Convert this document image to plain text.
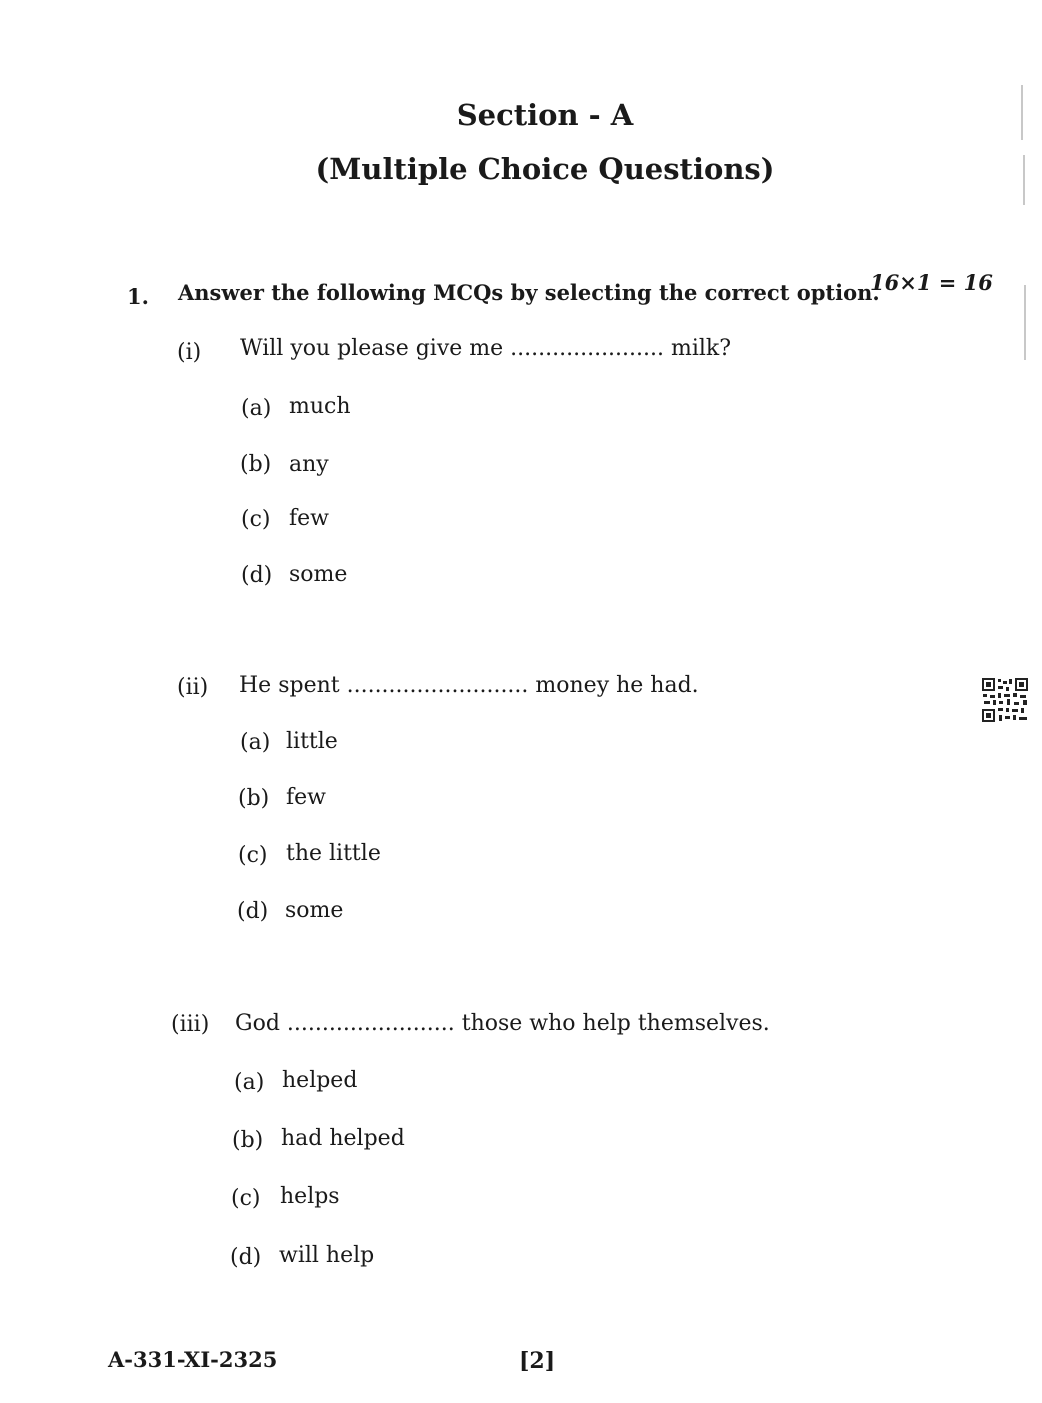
Section - A
(Multiple Choice Questions)
1. Answer the following MCQs by selecting the correct option.
16×1 = 16
(i) Will you please give me ...................... milk?
(a) much
(b) any
(c) few
(d) some
(ii) He spent .......................... money he had.
(a) little
(b) few
(c) the little
(d) some
(iii) God ........................ those who help themselves.
(a) helped
(b) had helped
(c) helps
(d) will help
A-331-XI-2325	[2]
